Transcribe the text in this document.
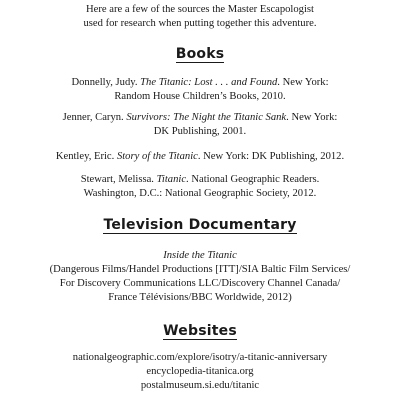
Here are a few of the sources the Master Escapologist
used for research when putting together this adventure.
Books
Donnelly, Judy. The Titanic: Lost . . . and Found. New York:
Random House Children’s Books, 2010.
Jenner, Caryn. Survivors: The Night the Titanic Sank. New York:
DK Publishing, 2001.
Kentley, Eric. Story of the Titanic. New York: DK Publishing, 2012.
Stewart, Melissa. Titanic. National Geographic Readers.
Washington, D.C.: National Geographic Society, 2012.
Television Documentary
Inside the Titanic
(Dangerous Films/Handel Productions [ITT]/SIA Baltic Film Services/
For Discovery Communications LLC/Discovery Channel Canada/
France Télévisions/BBC Worldwide, 2012)
Websites
nationalgeographic.com/explore/isotry/a-titanic-anniversary
encyclopedia-titanica.org
postalmuseum.si.edu/titanic
